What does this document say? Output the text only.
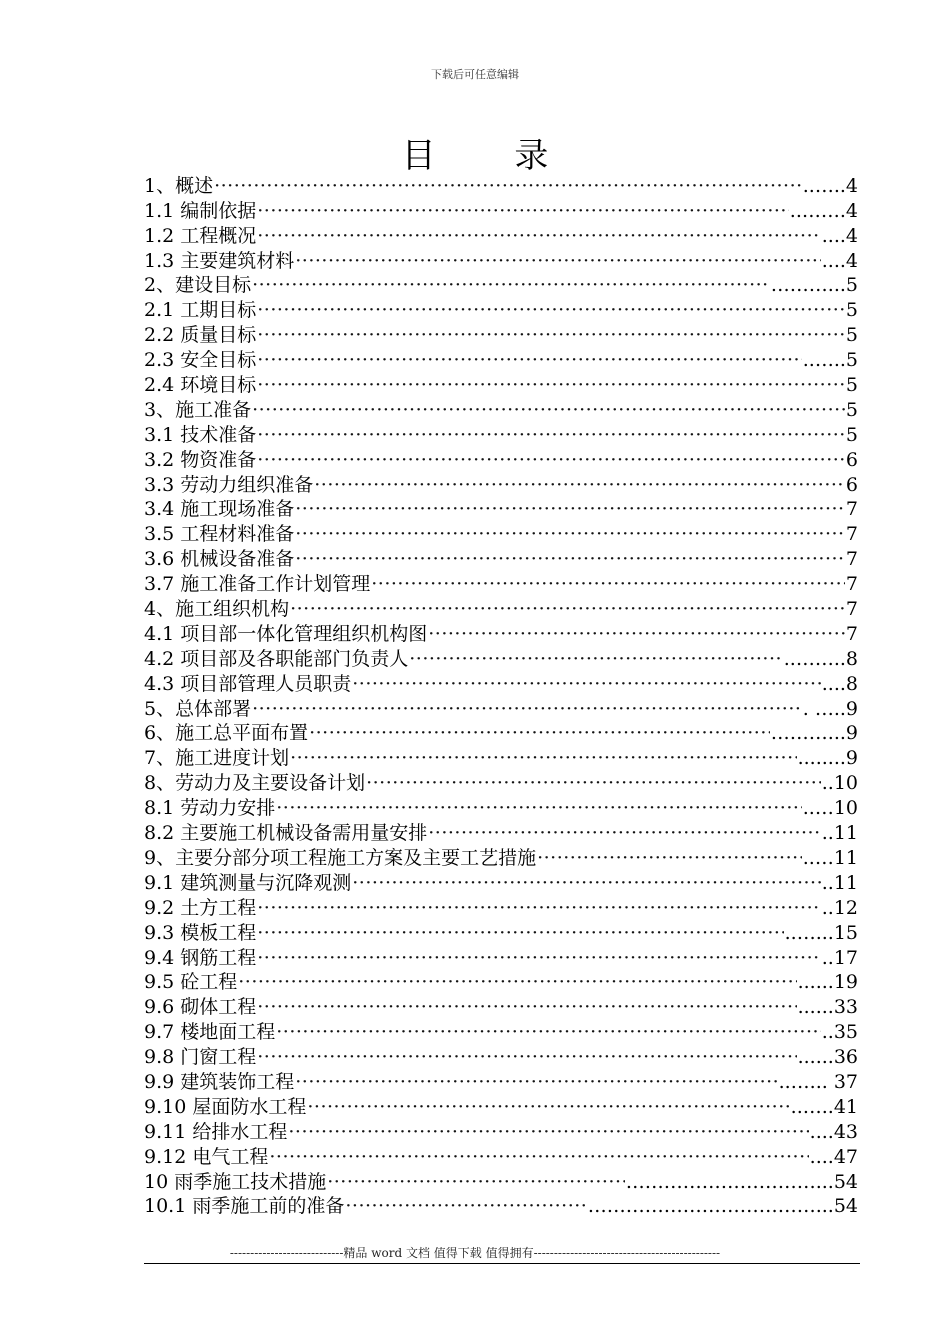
下载后可任意编辑
目 录
1、概述 ·····	..…..4
1.1 编制依据 ·····	..…….4
1.2 工程概况 ·····	....4
1.3 主要建筑材料 ·····	....4
2、建设目标 ·····	………...5
2.1 工期目标 ·····	5
2.2 质量目标 ·····	5
2.3 安全目标 ·····	..…..5
2.4 环境目标 ·····	5
3、施工准备 ·····	5
3.1 技术准备 ·····	5
3.2 物资准备 ·····	6
3.3 劳动力组织准备 ·····	6
3.4 施工现场准备 ·····	7
3.5 工程材料准备 ·····	7
3.6 机械设备准备 ·····	7
3.7 施工准备工作计划管理 ·····	7
4、施工组织机构 ·····	7
4.1 项目部一体化管理组织机构图 ·····	7
4.2 项目部及各职能部门负责人 ·····	..……..8
4.3 项目部管理人员职责 ·····	....8
5、总体部署 ·····	. …..9
6、施工总平面布置 ·····	………...9
7、施工进度计划 ·····	........9
8、劳动力及主要设备计划 ·····	..10
8.1 劳动力安排 ·····	..…10
8.2 主要施工机械设备需用量安排 ·····	..11
9、主要分部分项工程施工方案及主要工艺措施 ·····	..…11
9.1 建筑测量与沉降观测 ·····	..11
9.2 土方工程 ·····	..12
9.3 模板工程 ·····	..…...15
9.4 钢筋工程 ·····	..17
9.5 砼工程 ·····	......19
9.6 砌体工程 ·····	......33
9.7 楼地面工程 ·····	..35
9.8 门窗工程 ·····	......36
9.9 建筑装饰工程 ·····	..…... 37
9.10 屋面防水工程 ·····	..…..41
9.11 给排水工程 ·····	....43
9.12 电气工程 ·····	....47
10 雨季施工技术措施 ·····	…………………………...54
10.1 雨季施工前的准备 ·····	………………………………...54
----------------------------精品 word 文档 值得下载 值得拥有----------------------------------------------
